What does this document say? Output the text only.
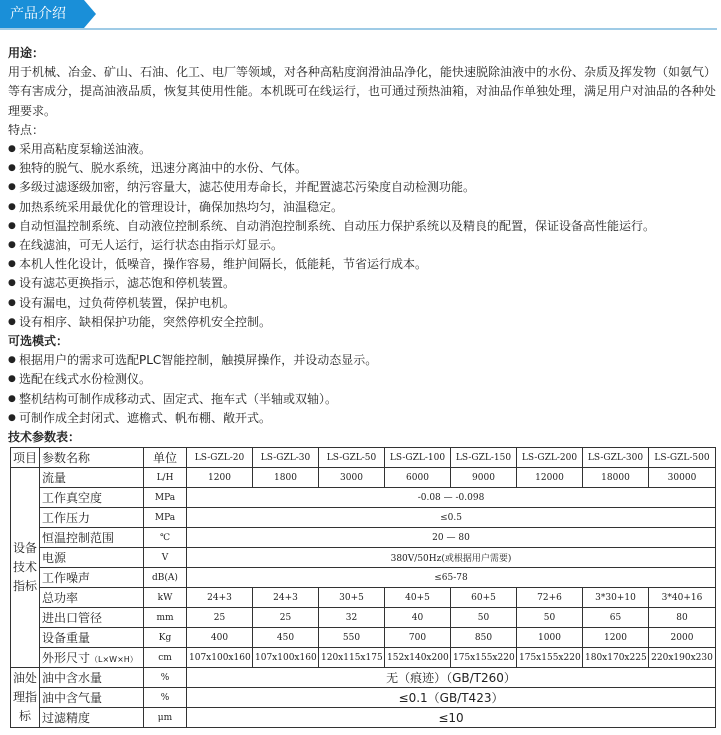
产品介绍

用途：

用于机械、冶金、矿山、石油、化工、电厂等领域，对各种高粘度润滑油品净化，能快速脱除油液中的水份、杂质及挥发物（如氨气）等有害成分，提高油液品质，恢复其使用性能。本机既可在线运行，也可通过预热油箱，对油品作单独处理，满足用户对油品的各种处理要求。

特点：

● 采用高粘度泵输送油液。
● 独特的脱气、脱水系统，迅速分离油中的水份、气体。
● 多级过滤逐级加密，纳污容量大，滤芯使用寿命长，并配置滤芯污染度自动检测功能。
● 加热系统采用最优化的管理设计，确保加热均匀，油温稳定。
● 自动恒温控制系统、自动液位控制系统、自动消泡控制系统、自动压力保护系统以及精良的配置，保证设备高性能运行。
● 在线滤油，可无人运行，运行状态由指示灯显示。
● 本机人性化设计，低噪音，操作容易，维护间隔长，低能耗，节省运行成本。
● 设有滤芯更换指示，滤芯饱和停机装置。
● 设有漏电，过负荷停机装置，保护电机。
● 设有相序、缺相保护功能，突然停机安全控制。

可选模式：

● 根据用户的需求可选配PLC智能控制，触摸屏操作，并设动态显示。
● 选配在线式水份检测仪。
● 整机结构可制作成移动式、固定式、拖车式（半轴或双轴）。
● 可制作成全封闭式、遮檐式、帆布棚、敞开式。

技术参数表：

项目	参数名称	单位	LS-GZL-20	LS-GZL-30	LS-GZL-50	LS-GZL-100	LS-GZL-150	LS-GZL-200	LS-GZL-300	LS-GZL-500
设备技术指标	流量	L/H	1200	1800	3000	6000	9000	12000	18000	30000
	工作真空度	MPa	-0.08 — -0.098							
	工作压力	MPa	≤0.5							
	恒温控制范围	℃	20 — 80							
	电源	V	380V/50Hz(或根据用户需要)							
	工作噪声	dB(A)	≤65-78							
	总功率	kW	24+3	24+3	30+5	40+5	60+5	72+6	3*30+10	3*40+16
	进出口管径	mm	25	25	32	40	50	50	65	80
	设备重量	Kg	400	450	550	700	850	1000	1200	2000
	外形尺寸（L×W×H）	cm	107x100x160	107x100x160	120x115x175	152x140x200	175x155x220	175x155x220	180x170x225	220x190x230
油处理指标	油中含水量	%	无（痕迹）（GB/T260）							
	油中含气量	%	≤0.1（GB/T423）							
	过滤精度	μm	≤10							
